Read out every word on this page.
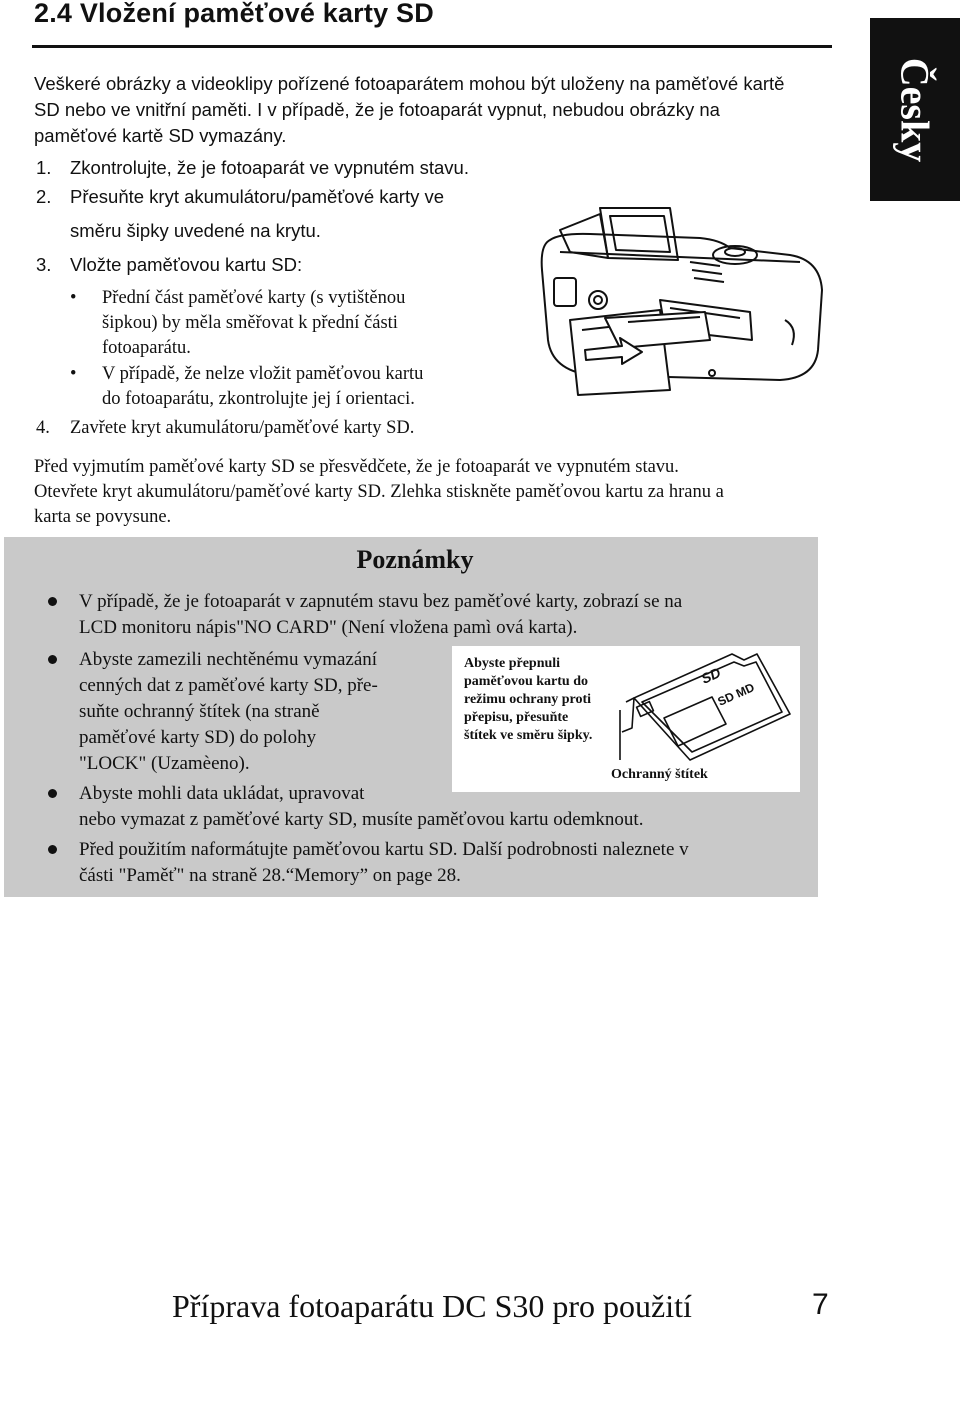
2.4 Vložení paměťové karty SD
Česky
Veškeré obrázky a videoklipy pořízené fotoaparátem mohou být uloženy na paměťové kartě
SD nebo ve vnitřní paměti. I v případě, že je fotoaparát vypnut, nebudou obrázky na
paměťové kartě SD vymazány.
1. Zkontrolujte, že je fotoaparát ve vypnutém stavu.
2. Přesuňte kryt akumulátoru/paměťové karty ve
směru šipky uvedené na krytu.
3. Vložte paměťovou kartu SD:
• Přední část paměťové karty (s vytištěnou
šipkou) by měla směřovat k přední části
fotoaparátu.
• V případě, že nelze vložit paměťovou kartu
do fotoaparátu, zkontrolujte jej í orientaci.
4. Zavřete kryt akumulátoru/paměťové karty SD.
Před vyjmutím paměťové karty SD se přesvědčete, že je fotoaparát ve vypnutém stavu.
Otevřete kryt akumulátoru/paměťové karty SD. Zlehka stiskněte paměťovou kartu za hranu a
karta se povysune.
Poznámky
V případě, že je fotoaparát v zapnutém stavu bez paměťové karty, zobrazí se na
LCD monitoru nápis"NO CARD" (Není vložena pamì ová karta).
Abyste zamezili nechtěnému vymazání
cenných dat z paměťové karty SD, pře-
suňte ochranný štítek (na straně
paměťové karty SD) do polohy
"LOCK" (Uzamèeno).
Abyste přepnuli
paměťovou kartu do
režimu ochrany proti
přepisu, přesuňte
štítek ve směru šipky.
SD
SD MD
Ochranný štítek
Abyste mohli data ukládat, upravovat
nebo vymazat z paměťové karty SD, musíte paměťovou kartu odemknout.
Před použitím naformátujte paměťovou kartu SD. Další podrobnosti naleznete v
části "Paměť" na straně 28.“Memory” on page 28.
Příprava fotoaparátu DC S30 pro použití	7
